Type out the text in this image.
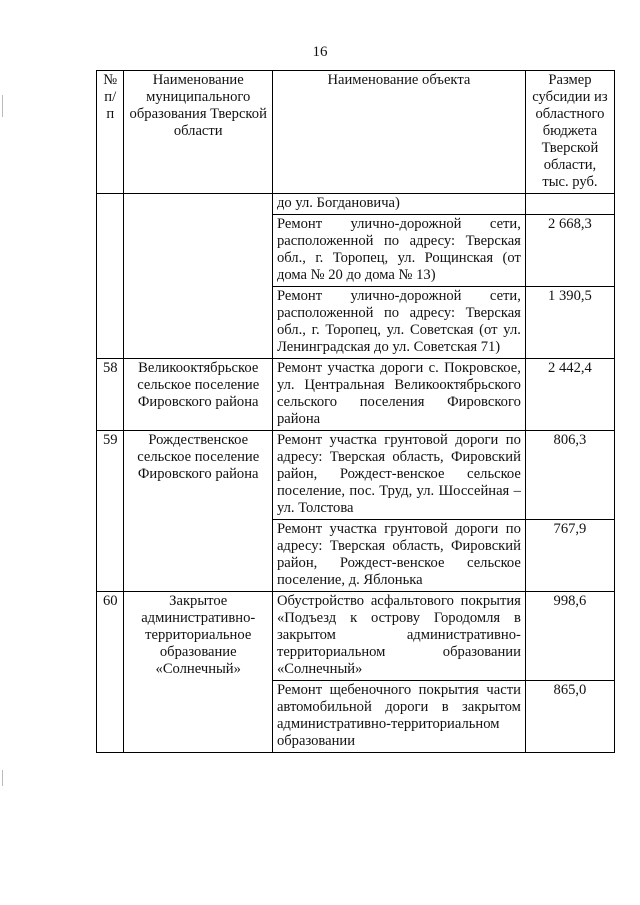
16
№ п/п	Наименование муниципального образования Тверской области	Наименование объекта	Размер субсидии из областного бюджета Тверской области, тыс. руб.
		до ул. Богдановича)	
		Ремонт улично-дорожной сети, расположенной по адресу: Тверская обл., г. Торопец, ул. Рощинская (от дома № 20 до дома № 13)	2 668,3
		Ремонт улично-дорожной сети, расположенной по адресу: Тверская обл., г. Торопец, ул. Советская (от ул. Ленинградская до ул. Советская 71)	1 390,5
58	Великооктябрьское сельское поселение Фировского района	Ремонт участка дороги с. Покровское, ул. Центральная Великооктябрьского сельского поселения Фировского района	2 442,4
59	Рождественское сельское поселение Фировского района	Ремонт участка грунтовой дороги по адресу: Тверская область, Фировский район, Рождест-венское сельское поселение, пос. Труд, ул. Шоссейная – ул. Толстова	806,3
		Ремонт участка грунтовой дороги по адресу: Тверская область, Фировский район, Рождест-венское сельское поселение, д. Яблонька	767,9
60	Закрытое административно-территориальное образование «Солнечный»	Обустройство асфальтового покрытия «Подъезд к острову Городомля в закрытом административно-территориальном образовании «Солнечный»	998,6
		Ремонт щебеночного покрытия части автомобильной дороги в закрытом административно-территориальном образовании	865,0
